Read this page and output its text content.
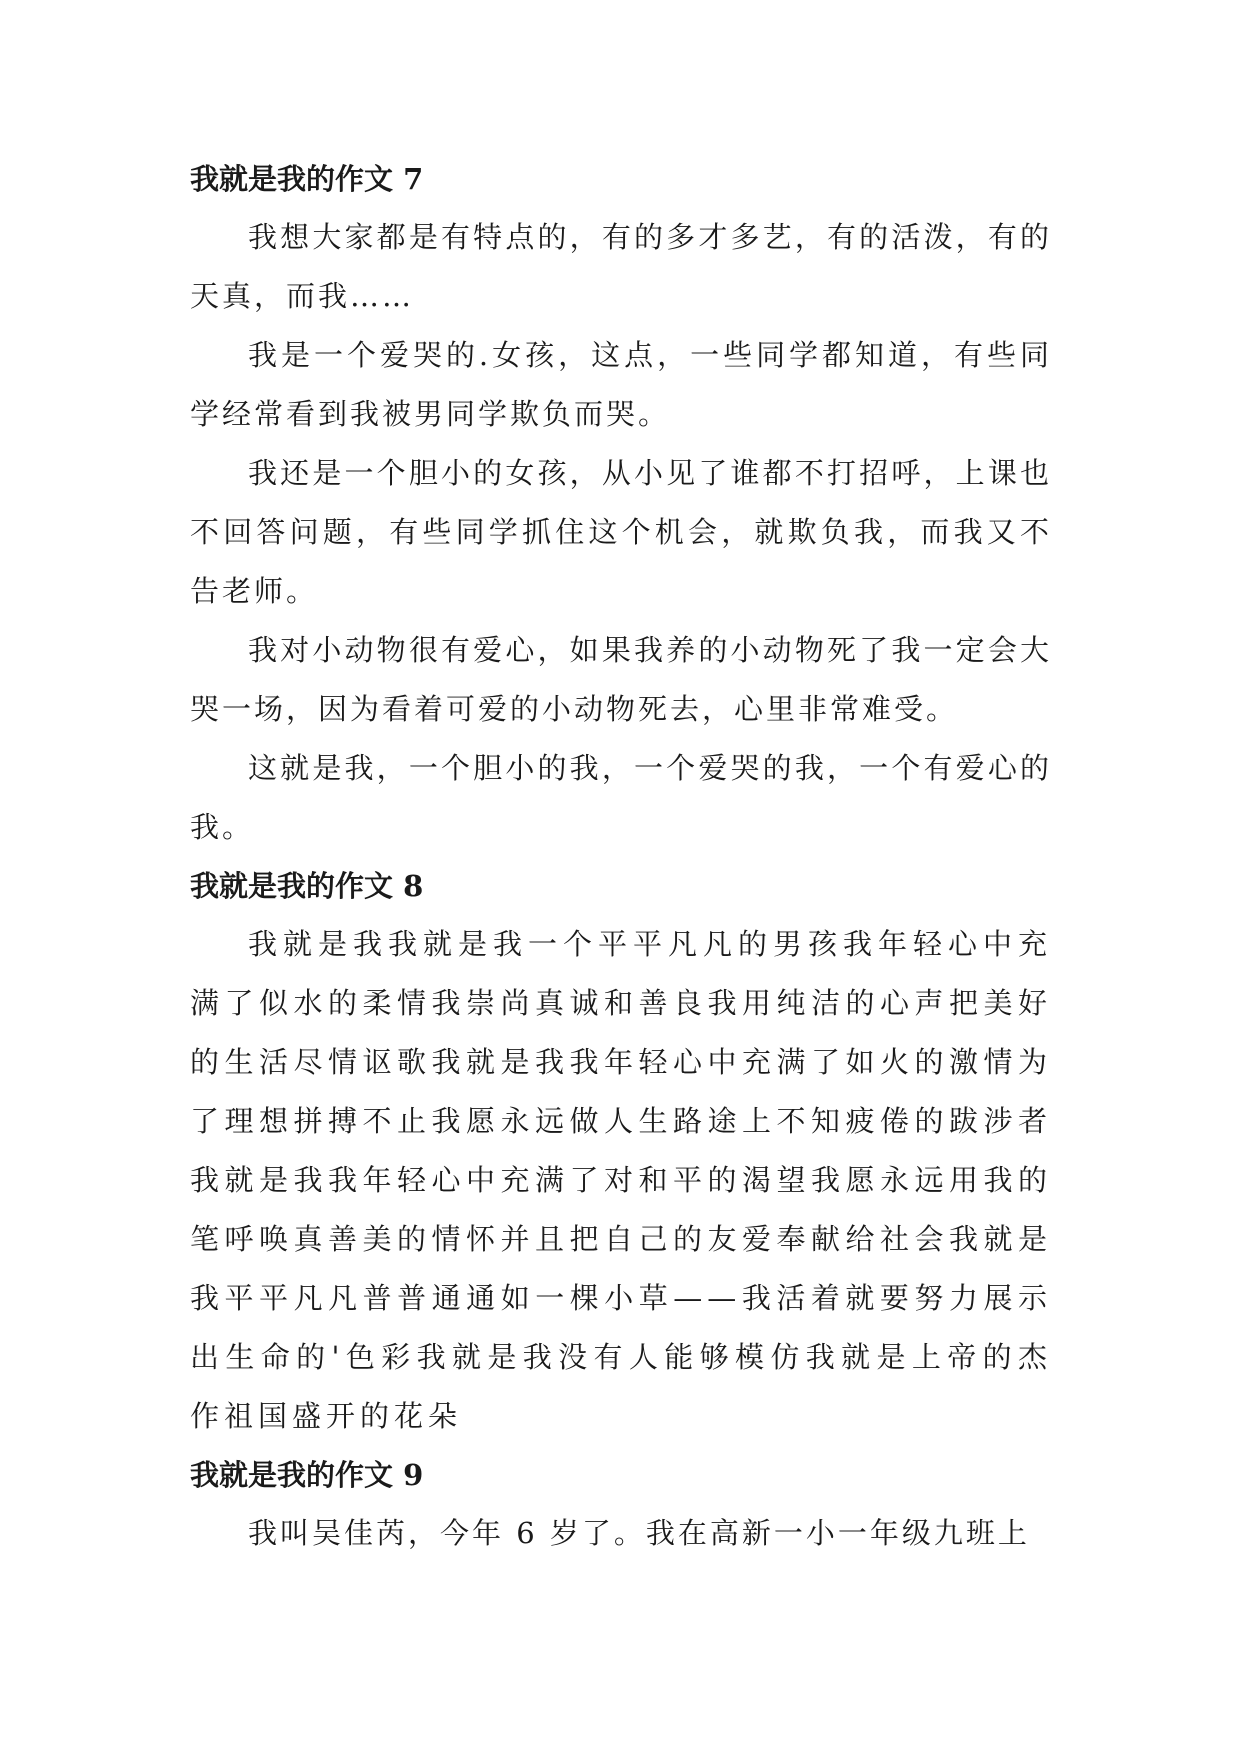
我就是我的作文 7

我想大家都是有特点的，有的多才多艺，有的活泼，有的天真，而我……

我是一个爱哭的.女孩，这点，一些同学都知道，有些同学经常看到我被男同学欺负而哭。

我还是一个胆小的女孩，从小见了谁都不打招呼，上课也不回答问题，有些同学抓住这个机会，就欺负我，而我又不告老师。

我对小动物很有爱心，如果我养的小动物死了我一定会大哭一场，因为看着可爱的小动物死去，心里非常难受。

这就是我，一个胆小的我，一个爱哭的我，一个有爱心的我。

我就是我的作文 8

我就是我我就是我一个平平凡凡的男孩我年轻心中充满了似水的柔情我崇尚真诚和善良我用纯洁的心声把美好的生活尽情讴歌我就是我我年轻心中充满了如火的激情为了理想拼搏不止我愿永远做人生路途上不知疲倦的跋涉者我就是我我年轻心中充满了对和平的渴望我愿永远用我的笔呼唤真善美的情怀并且把自己的友爱奉献给社会我就是我平平凡凡普普通通如一棵小草——我活着就要努力展示出生命的'色彩我就是我没有人能够模仿我就是上帝的杰作祖国盛开的花朵

我就是我的作文 9

我叫吴佳芮，今年 6 岁了。我在高新一小一年级九班上
